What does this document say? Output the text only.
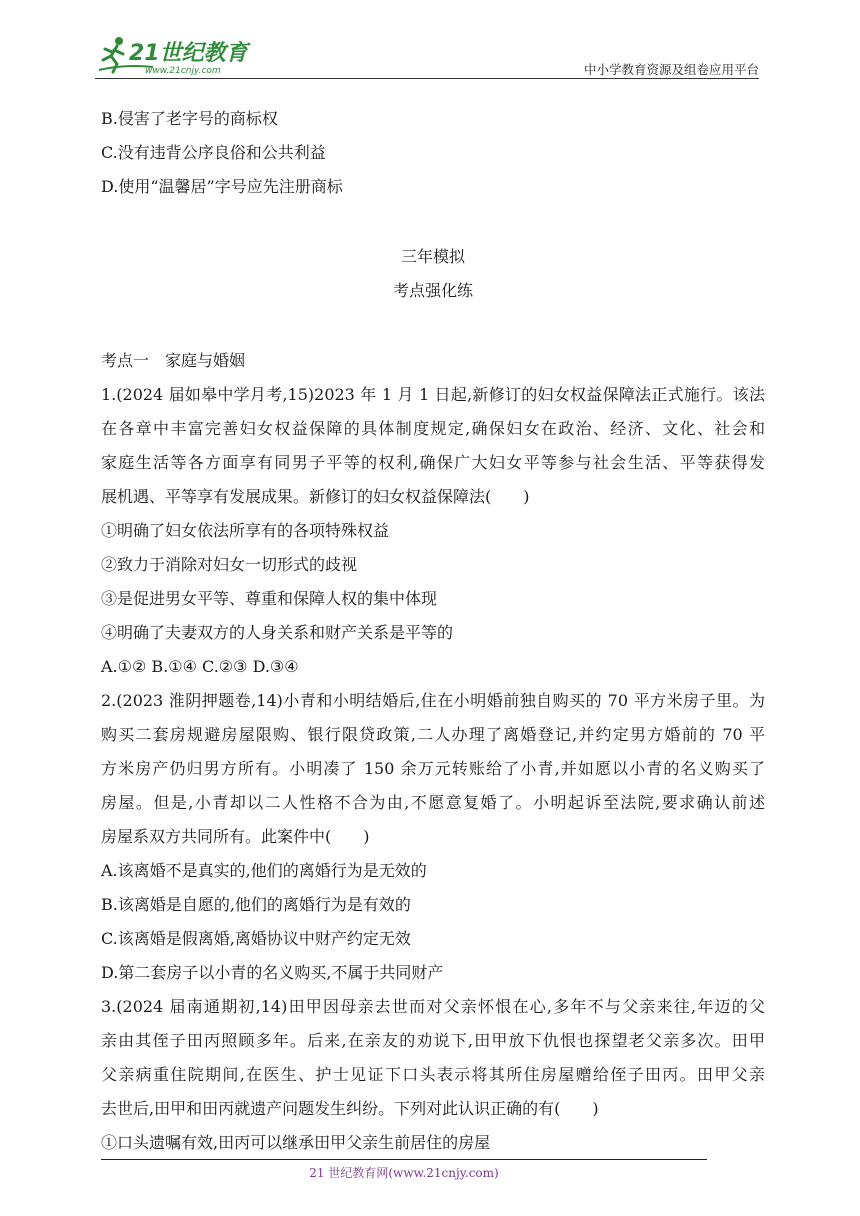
21世纪教育
www.21cnjy.com	中小学教育资源及组卷应用平台
B.侵害了老字号的商标权
C.没有违背公序良俗和公共利益
D.使用“温馨居”字号应先注册商标
三年模拟
考点强化练
考点一　家庭与婚姻
1.(2024 届如皋中学月考,15)2023 年 1 月 1 日起,新修订的妇女权益保障法正式施行。该法
在各章中丰富完善妇女权益保障的具体制度规定,确保妇女在政治、经济、文化、社会和
家庭生活等各方面享有同男子平等的权利,确保广大妇女平等参与社会生活、平等获得发
展机遇、平等享有发展成果。新修订的妇女权益保障法(　　)
①明确了妇女依法所享有的各项特殊权益
②致力于消除对妇女一切形式的歧视
③是促进男女平等、尊重和保障人权的集中体现
④明确了夫妻双方的人身关系和财产关系是平等的
A.①② B.①④ C.②③ D.③④
2.(2023 淮阴押题卷,14)小青和小明结婚后,住在小明婚前独自购买的 70 平方米房子里。为
购买二套房规避房屋限购、银行限贷政策,二人办理了离婚登记,并约定男方婚前的 70 平
方米房产仍归男方所有。小明凑了 150 余万元转账给了小青,并如愿以小青的名义购买了
房屋。但是,小青却以二人性格不合为由,不愿意复婚了。小明起诉至法院,要求确认前述
房屋系双方共同所有。此案件中(　　)
A.该离婚不是真实的,他们的离婚行为是无效的
B.该离婚是自愿的,他们的离婚行为是有效的
C.该离婚是假离婚,离婚协议中财产约定无效
D.第二套房子以小青的名义购买,不属于共同财产
3.(2024 届南通期初,14)田甲因母亲去世而对父亲怀恨在心,多年不与父亲来往,年迈的父
亲由其侄子田丙照顾多年。后来,在亲友的劝说下,田甲放下仇恨也探望老父亲多次。田甲
父亲病重住院期间,在医生、护士见证下口头表示将其所住房屋赠给侄子田丙。田甲父亲
去世后,田甲和田丙就遗产问题发生纠纷。下列对此认识正确的有(　　)
①口头遗嘱有效,田丙可以继承田甲父亲生前居住的房屋
21 世纪教育网(www.21cnjy.com)
